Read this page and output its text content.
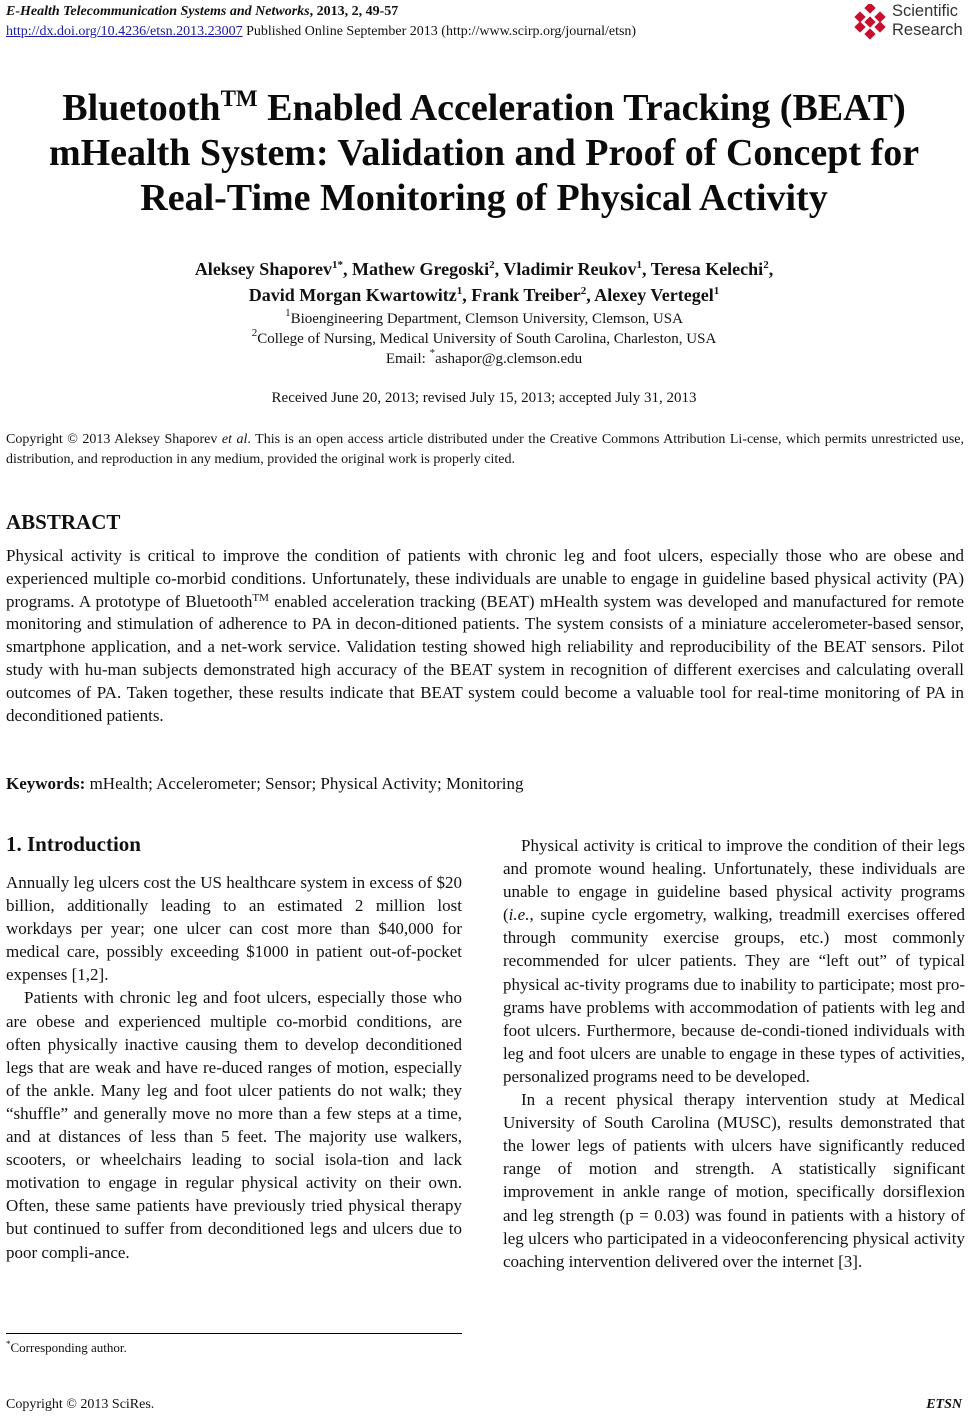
E-Health Telecommunication Systems and Networks, 2013, 2, 49-57
http://dx.doi.org/10.4236/etsn.2013.23007 Published Online September 2013 (http://www.scirp.org/journal/etsn)
Scientific
Research
Bluetooth™ Enabled Acceleration Tracking (BEAT)
mHealth System: Validation and Proof of Concept for
Real-Time Monitoring of Physical Activity
Aleksey Shaporev$^{1*}$, Mathew Gregoski$^2$, Vladimir Reukov$^1$, Teresa Kelechi$^2$,
David Morgan Kwartowitz$^1$, Frank Treiber$^2$, Alexey Vertegel$^1$
$^1$Bioengineering Department, Clemson University, Clemson, USA
$^2$College of Nursing, Medical University of South Carolina, Charleston, USA
Email: *ashapor@g.clemson.edu
Received June 20, 2013; revised July 15, 2013; accepted July 31, 2013
Copyright © 2013 Aleksey Shaporev et al. This is an open access article distributed under the Creative Commons Attribution Li-cense, which permits unrestricted use, distribution, and reproduction in any medium, provided the original work is properly cited.
ABSTRACT
Physical activity is critical to improve the condition of patients with chronic leg and foot ulcers, especially those who are obese and experienced multiple co-morbid conditions. Unfortunately, these individuals are unable to engage in guideline based physical activity (PA) programs. A prototype of Bluetooth™ enabled acceleration tracking (BEAT) mHealth system was developed and manufactured for remote monitoring and stimulation of adherence to PA in decon-ditioned patients. The system consists of a miniature accelerometer-based sensor, smartphone application, and a net-work service. Validation testing showed high reliability and reproducibility of the BEAT sensors. Pilot study with hu-man subjects demonstrated high accuracy of the BEAT system in recognition of different exercises and calculating overall outcomes of PA. Taken together, these results indicate that BEAT system could become a valuable tool for real-time monitoring of PA in deconditioned patients.
Keywords: mHealth; Accelerometer; Sensor; Physical Activity; Monitoring
1. Introduction

Annually leg ulcers cost the US healthcare system in excess of $20 billion, additionally leading to an estimated 2 million lost workdays per year; one ulcer can cost more than $40,000 for medical care, possibly exceeding $1000 in patient out-of-pocket expenses [1,2].

Patients with chronic leg and foot ulcers, especially those who are obese and experienced multiple co-morbid conditions, are often physically inactive causing them to develop deconditioned legs that are weak and have re-duced ranges of motion, especially of the ankle. Many leg and foot ulcer patients do not walk; they “shuffle” and generally move no more than a few steps at a time, and at distances of less than 5 feet. The majority use walkers, scooters, or wheelchairs leading to social isola-tion and lack motivation to engage in regular physical activity on their own. Often, these same patients have previously tried physical therapy but continued to suffer from deconditioned legs and ulcers due to poor compli-ance.

Physical activity is critical to improve the condition of their legs and promote wound healing. Unfortunately, these individuals are unable to engage in guideline based physical activity programs (i.e., supine cycle ergometry, walking, treadmill exercises offered through community exercise groups, etc.) most commonly recommended for ulcer patients. They are “left out” of typical physical ac-tivity programs due to inability to participate; most pro-grams have problems with accommodation of patients with leg and foot ulcers. Furthermore, because de-condi-tioned individuals with leg and foot ulcers are unable to engage in these types of activities, personalized programs need to be developed.

In a recent physical therapy intervention study at Medical University of South Carolina (MUSC), results demonstrated that the lower legs of patients with ulcers have significantly reduced range of motion and strength. A statistically significant improvement in ankle range of motion, specifically dorsiflexion and leg strength (p = 0.03) was found in patients with a history of leg ulcers who participated in a videoconferencing physical activity coaching intervention delivered over the internet [3].

*Corresponding author.
Copyright © 2013 SciRes.	ETSN
